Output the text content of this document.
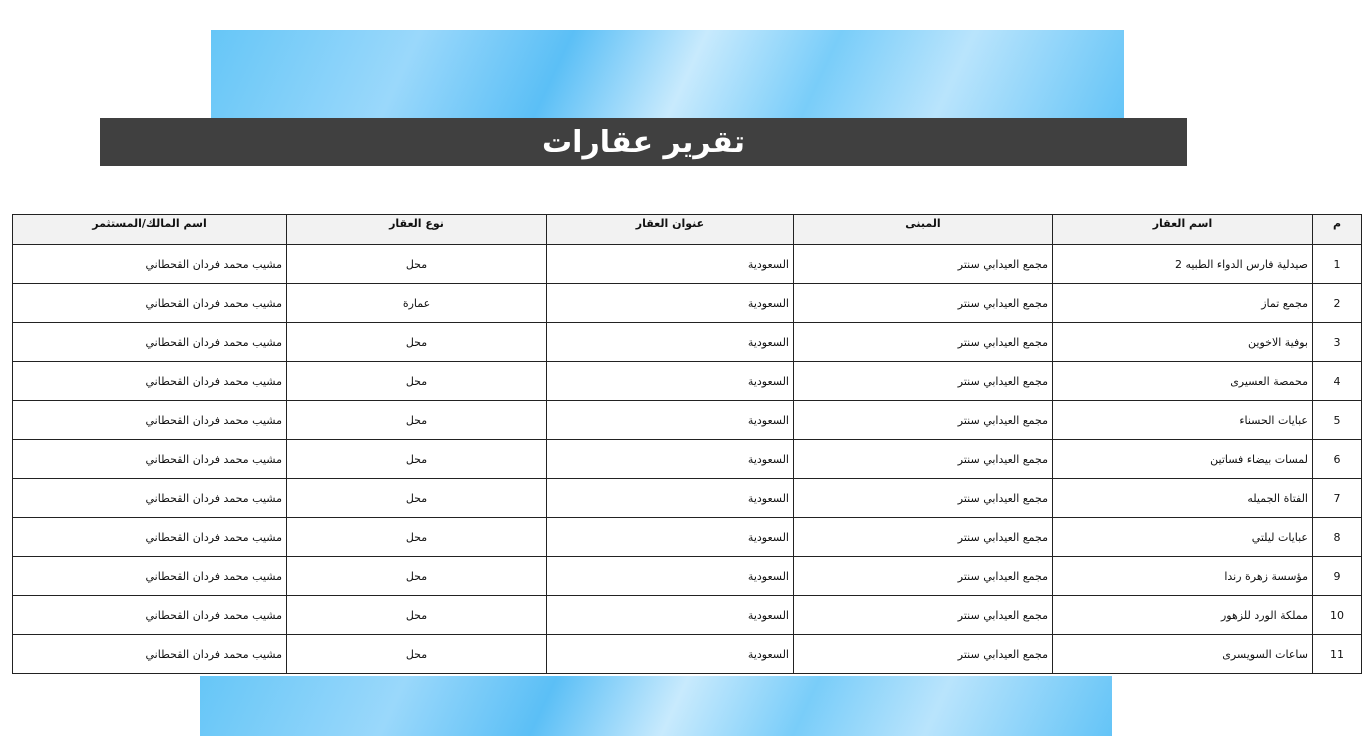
تقرير عقارات
م	اسم العقار	المبنى	عنوان العقار	نوع العقار	اسم المالك/المستثمر
1	صيدلية فارس الدواء الطبيه 2	مجمع العيدابي سنتر	السعودية	محل	مشيب محمد فردان القحطاني
2	مجمع تماز	مجمع العيدابي سنتر	السعودية	عمارة	مشيب محمد فردان القحطاني
3	بوفية الاخوين	مجمع العيدابي سنتر	السعودية	محل	مشيب محمد فردان القحطاني
4	محمصة العسيرى	مجمع العيدابي سنتر	السعودية	محل	مشيب محمد فردان القحطاني
5	عبايات الحسناء	مجمع العيدابي سنتر	السعودية	محل	مشيب محمد فردان القحطاني
6	لمسات بيضاء فساتين	مجمع العيدابي سنتر	السعودية	محل	مشيب محمد فردان القحطاني
7	الفتاة الجميله	مجمع العيدابي سنتر	السعودية	محل	مشيب محمد فردان القحطاني
8	عبايات ليلتي	مجمع العيدابي سنتر	السعودية	محل	مشيب محمد فردان القحطاني
9	مؤسسة زهرة رندا	مجمع العيدابي سنتر	السعودية	محل	مشيب محمد فردان القحطاني
10	مملكة الورد للزهور	مجمع العيدابي سنتر	السعودية	محل	مشيب محمد فردان القحطاني
11	ساعات السويسرى	مجمع العيدابي سنتر	السعودية	محل	مشيب محمد فردان القحطاني
